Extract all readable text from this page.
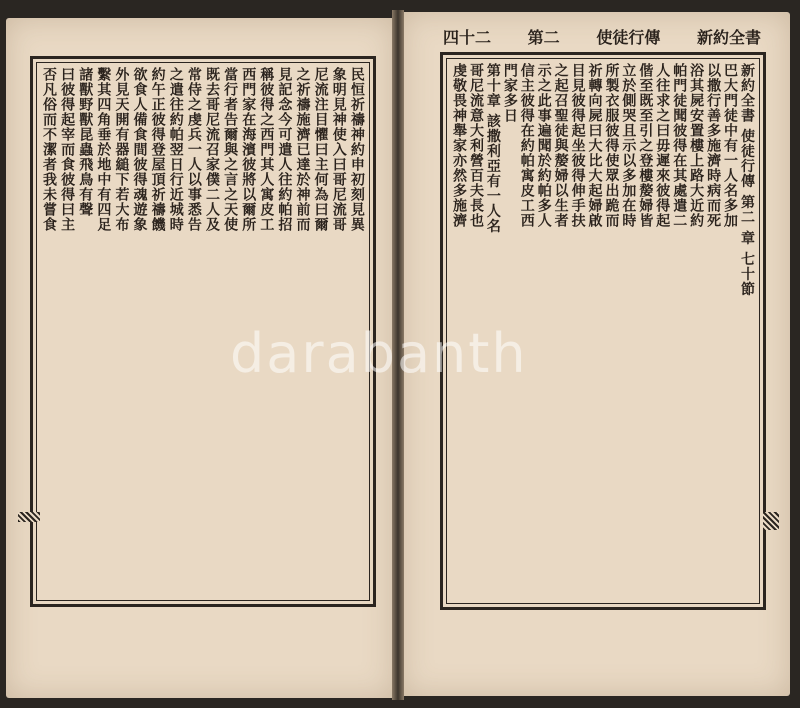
四十二 第二 使徒行傳 新約全書
民恒祈禱神約申初刻見異
象明見神使入曰哥尼流哥
尼流注目懼曰主何為曰爾
之祈禱施濟已達於神前而
見記念今可遣人往約帕招
稱彼得之西門其人寓皮工
西門家在海濱彼將以爾所
當行者告爾與之言之天使
既去哥尼流召家僕二人及
常侍之虔兵一人以事悉告
之遣往約帕翌日行近城時
約午正彼得登屋頂祈禱饑
欲食人備食間彼得魂遊象
外見天開有器縋下若大布
繫其四角垂於地中有四足
諸獸野獸昆蟲飛鳥有聲
曰彼得起宰而食彼得曰主
否凡俗而不潔者我未嘗食	新約全書 使徒行傳 第二 章 七十節
巴大門徒中有一人名多加
以撒行善多施濟時病而死
浴其屍安置樓上路大近約
帕門徒聞彼得在其處遣二
人往求之曰毋遲來彼得起
偕至既至引之登樓嫠婦皆
立於側哭且示以多加在時
所製衣服彼得使眾出跪而
祈轉向屍曰大比大起婦啟
目見彼得起坐彼得伸手扶
之起召聖徒與嫠婦以生者
示之此事遍聞於約帕多人
信主彼得在約帕寓皮工西
門家多日
第十章 該撒利亞有一人名
哥尼流意大利營百夫長也
虔敬畏神舉家亦然多施濟
darabanth
